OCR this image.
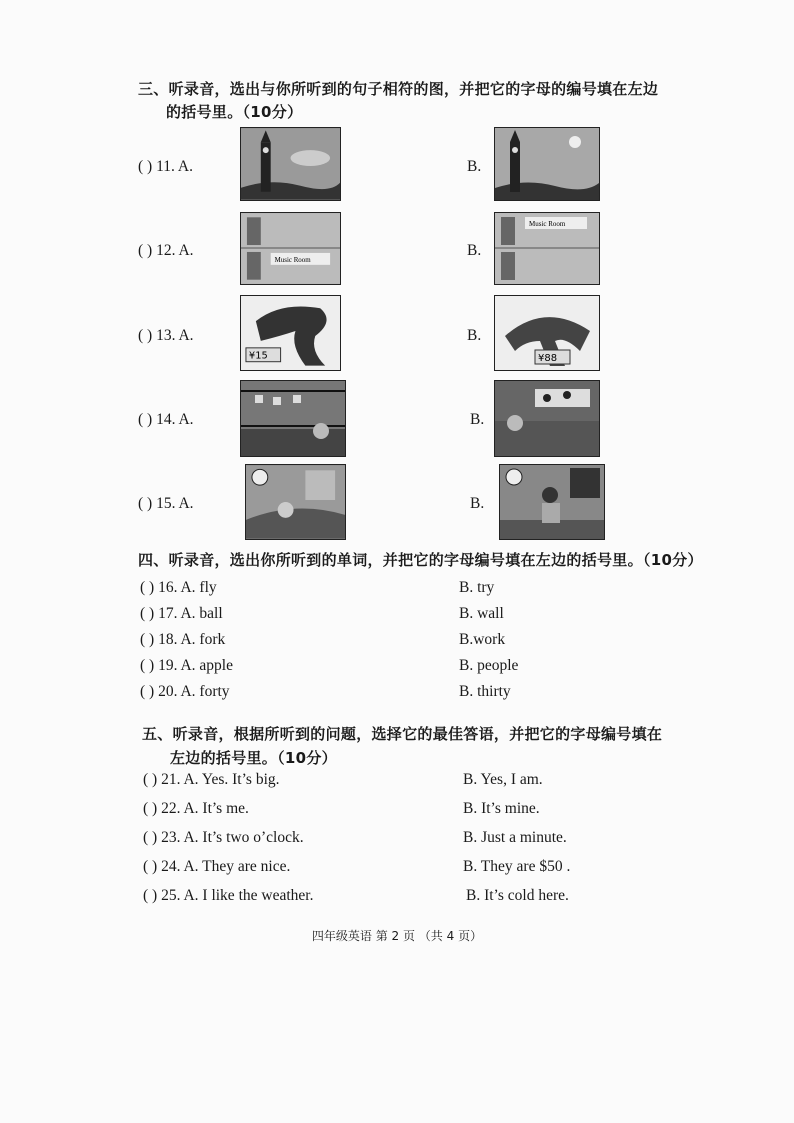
三、听录音，选出与你所听到的句子相符的图，并把它的字母的编号填在左边
的括号里。（10分）
( ) 11. A.	B.
( ) 12. A.	B.
Music Room
Music Room
( ) 13. A.	B.
¥15	¥88
( ) 14. A.	B.
( ) 15. A.	B.
四、听录音，选出你所听到的单词，并把它的字母编号填在左边的括号里。（10分）
( ) 16. A. fly	B. try
( ) 17. A. ball	B. wall
( ) 18. A. fork	B.work
( ) 19. A. apple	B. people
( ) 20. A. forty	B. thirty
五、听录音，根据所听到的问题，选择它的最佳答语，并把它的字母编号填在
左边的括号里。（10分）
( ) 21. A. Yes. It’s big.	B. Yes, I am.
( ) 22. A. It’s me.	B. It’s mine.
( ) 23. A. It’s two o’clock.	B. Just a minute.
( ) 24. A. They are nice.	B. They are $50 .
( ) 25. A. I like the weather.	B. It’s cold here.
四年级英语 第 2 页 （共 4 页）
